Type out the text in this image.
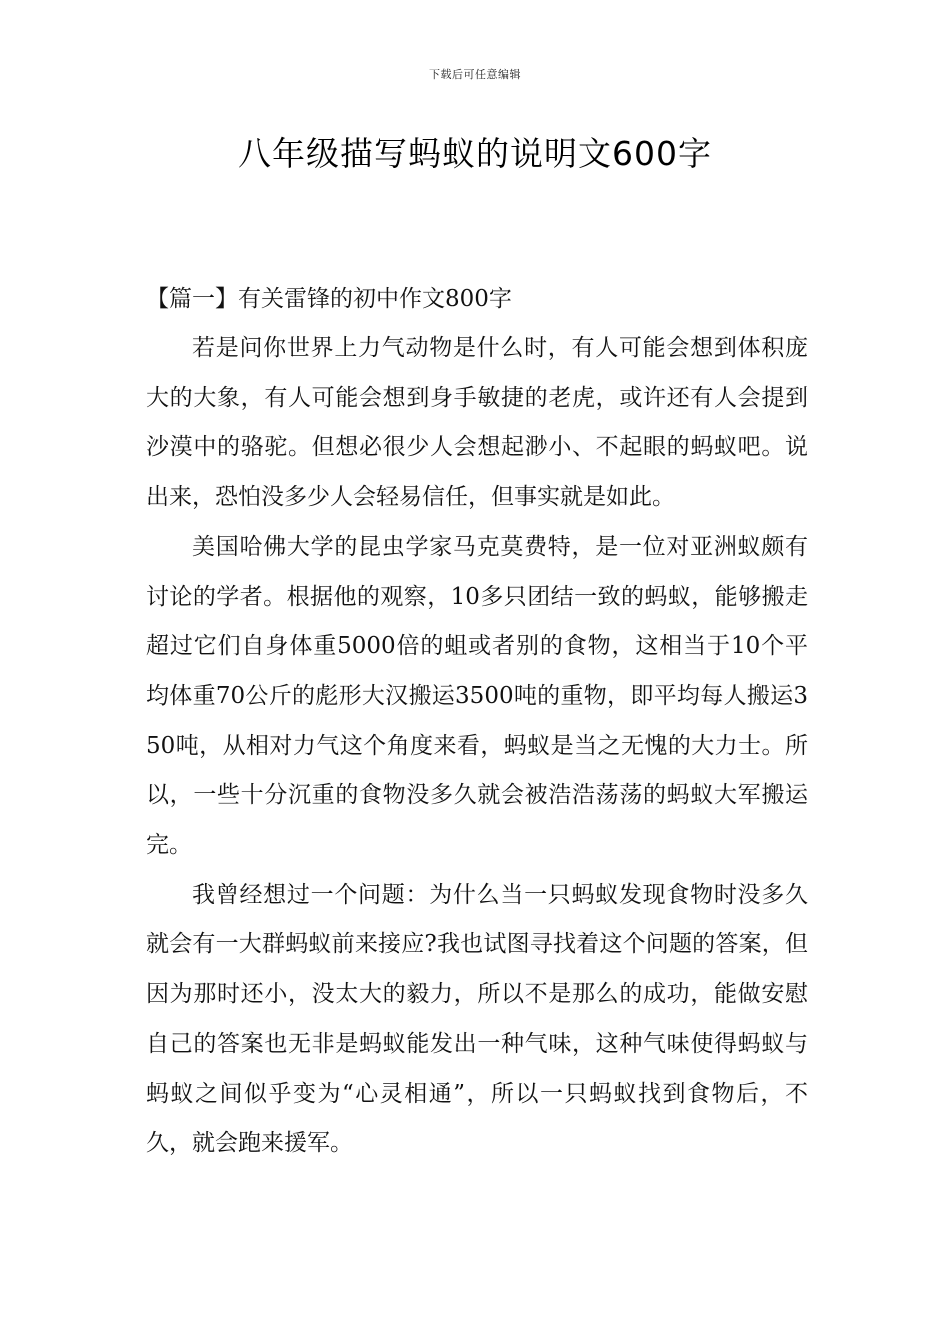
下载后可任意编辑
八年级描写蚂蚁的说明文600字

【篇一】有关雷锋的初中作文800字

若是问你世界上力气动物是什么时，有人可能会想到体积庞大的大象，有人可能会想到身手敏捷的老虎，或许还有人会提到沙漠中的骆驼。但想必很少人会想起渺小、不起眼的蚂蚁吧。说出来，恐怕没多少人会轻易信任，但事实就是如此。

美国哈佛大学的昆虫学家马克莫费特，是一位对亚洲蚁颇有讨论的学者。根据他的观察，10多只团结一致的蚂蚁，能够搬走超过它们自身体重5000倍的蛆或者别的食物，这相当于10个平均体重70公斤的彪形大汉搬运3500吨的重物，即平均每人搬运350吨，从相对力气这个角度来看，蚂蚁是当之无愧的大力士。所以，一些十分沉重的食物没多久就会被浩浩荡荡的蚂蚁大军搬运完。

我曾经想过一个问题：为什么当一只蚂蚁发现食物时没多久就会有一大群蚂蚁前来接应?我也试图寻找着这个问题的答案，但因为那时还小，没太大的毅力，所以不是那么的成功，能做安慰自己的答案也无非是蚂蚁能发出一种气味，这种气味使得蚂蚁与蚂蚁之间似乎变为“心灵相通”，所以一只蚂蚁找到食物后，不久，就会跑来援军。
